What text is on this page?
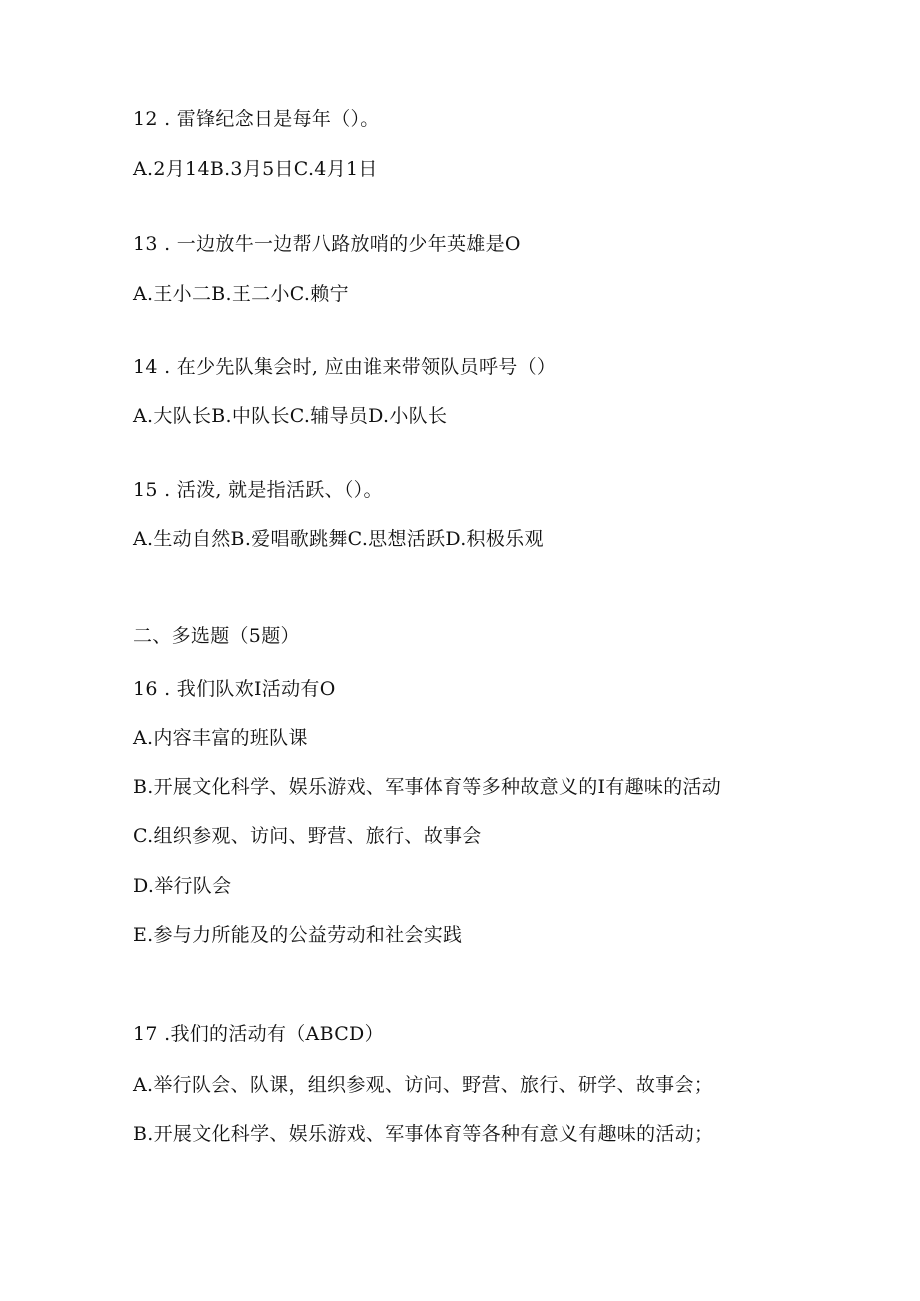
12 . 雷锋纪念日是每年（）。
A.2月14B.3月5日C.4月1日
13 . 一边放牛一边帮八路放哨的少年英雄是O
A.王小二B.王二小C.赖宁
14 . 在少先队集会时, 应由谁来带领队员呼号（）
A.大队长B.中队长C.辅导员D.小队长
15 . 活泼, 就是指活跃、（）。
A.生动自然B.爱唱歌跳舞C.思想活跃D.积极乐观
二、多选题（5题）
16 . 我们队欢I活动有O
A.内容丰富的班队课
B.开展文化科学、娱乐游戏、军事体育等多种故意义的I有趣味的活动
C.组织参观、访问、野营、旅行、故事会
D.举行队会
E.参与力所能及的公益劳动和社会实践
17 .我们的活动有（ABCD）
A.举行队会、队课，组织参观、访问、野营、旅行、研学、故事会；
B.开展文化科学、娱乐游戏、军事体育等各种有意义有趣味的活动；
